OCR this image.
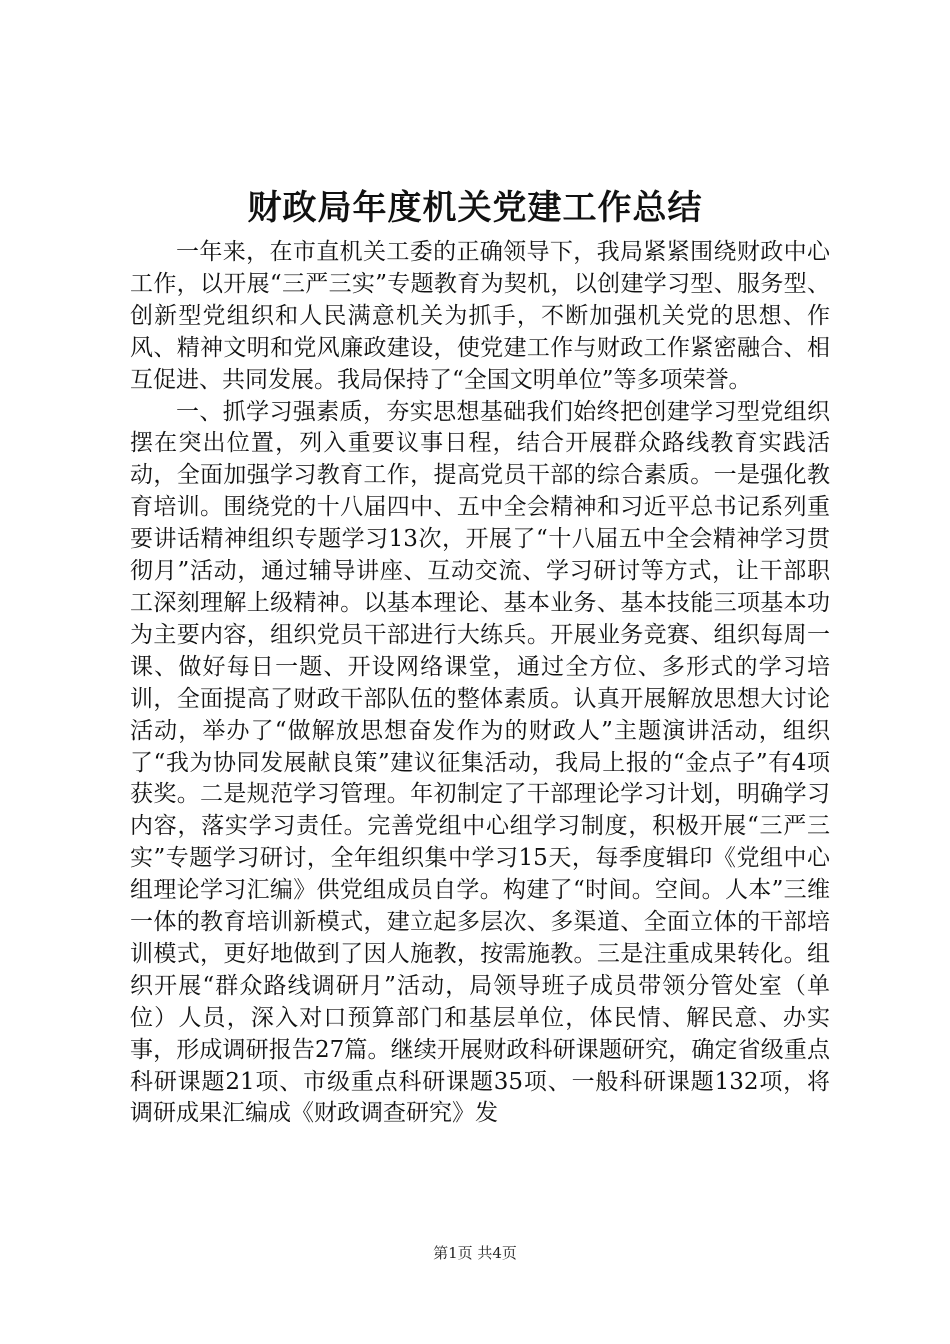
财政局年度机关党建工作总结

一年来，在市直机关工委的正确领导下，我局紧紧围绕财政中心工作，以开展“三严三实”专题教育为契机，以创建学习型、服务型、创新型党组织和人民满意机关为抓手，不断加强机关党的思想、作风、精神文明和党风廉政建设，使党建工作与财政工作紧密融合、相互促进、共同发展。我局保持了“全国文明单位”等多项荣誉。

一、抓学习强素质，夯实思想基础我们始终把创建学习型党组织摆在突出位置，列入重要议事日程，结合开展群众路线教育实践活动，全面加强学习教育工作，提高党员干部的综合素质。一是强化教育培训。围绕党的十八届四中、五中全会精神和习近平总书记系列重要讲话精神组织专题学习13次，开展了“十八届五中全会精神学习贯彻月”活动，通过辅导讲座、互动交流、学习研讨等方式，让干部职工深刻理解上级精神。以基本理论、基本业务、基本技能三项基本功为主要内容，组织党员干部进行大练兵。开展业务竞赛、组织每周一课、做好每日一题、开设网络课堂，通过全方位、多形式的学习培训，全面提高了财政干部队伍的整体素质。认真开展解放思想大讨论活动，举办了“做解放思想奋发作为的财政人”主题演讲活动，组织了“我为协同发展献良策”建议征集活动，我局上报的“金点子”有4项获奖。二是规范学习管理。年初制定了干部理论学习计划，明确学习内容，落实学习责任。完善党组中心组学习制度，积极开展“三严三实”专题学习研讨，全年组织集中学习15天，每季度辑印《党组中心组理论学习汇编》供党组成员自学。构建了“时间。空间。人本”三维一体的教育培训新模式，建立起多层次、多渠道、全面立体的干部培训模式，更好地做到了因人施教，按需施教。三是注重成果转化。组织开展“群众路线调研月”活动，局领导班子成员带领分管处室（单位）人员，深入对口预算部门和基层单位，体民情、解民意、办实事，形成调研报告27篇。继续开展财政科研课题研究，确定省级重点科研课题21项、市级重点科研课题35项、一般科研课题132项，将调研成果汇编成《财政调查研究》发

第1页 共4页
